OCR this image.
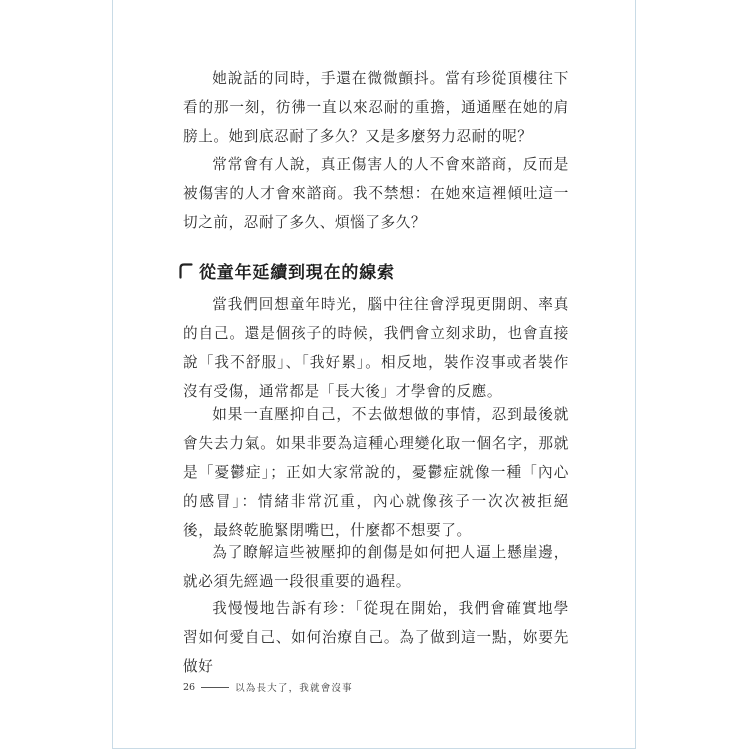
她說話的同時，手還在微微顫抖。當有珍從頂樓往下看的那一刻，彷彿一直以來忍耐的重擔，通通壓在她的肩膀上。她到底忍耐了多久？又是多麼努力忍耐的呢？

常常會有人說，真正傷害人的人不會來諮商，反而是被傷害的人才會來諮商。我不禁想：在她來這裡傾吐這一切之前，忍耐了多久、煩惱了多久？

從童年延續到現在的線索

當我們回想童年時光，腦中往往會浮現更開朗、率真的自己。還是個孩子的時候，我們會立刻求助，也會直接說「我不舒服」、「我好累」。相反地，裝作沒事或者裝作沒有受傷，通常都是「長大後」才學會的反應。

如果一直壓抑自己，不去做想做的事情，忍到最後就會失去力氣。如果非要為這種心理變化取一個名字，那就是「憂鬱症」；正如大家常說的，憂鬱症就像一種「內心的感冒」：情緒非常沉重，內心就像孩子一次次被拒絕後，最終乾脆緊閉嘴巴，什麼都不想要了。

為了瞭解這些被壓抑的創傷是如何把人逼上懸崖邊，就必須先經過一段很重要的過程。

我慢慢地告訴有珍：「從現在開始，我們會確實地學習如何愛自己、如何治療自己。為了做到這一點，妳要先做好

26	以為長大了，我就會沒事
